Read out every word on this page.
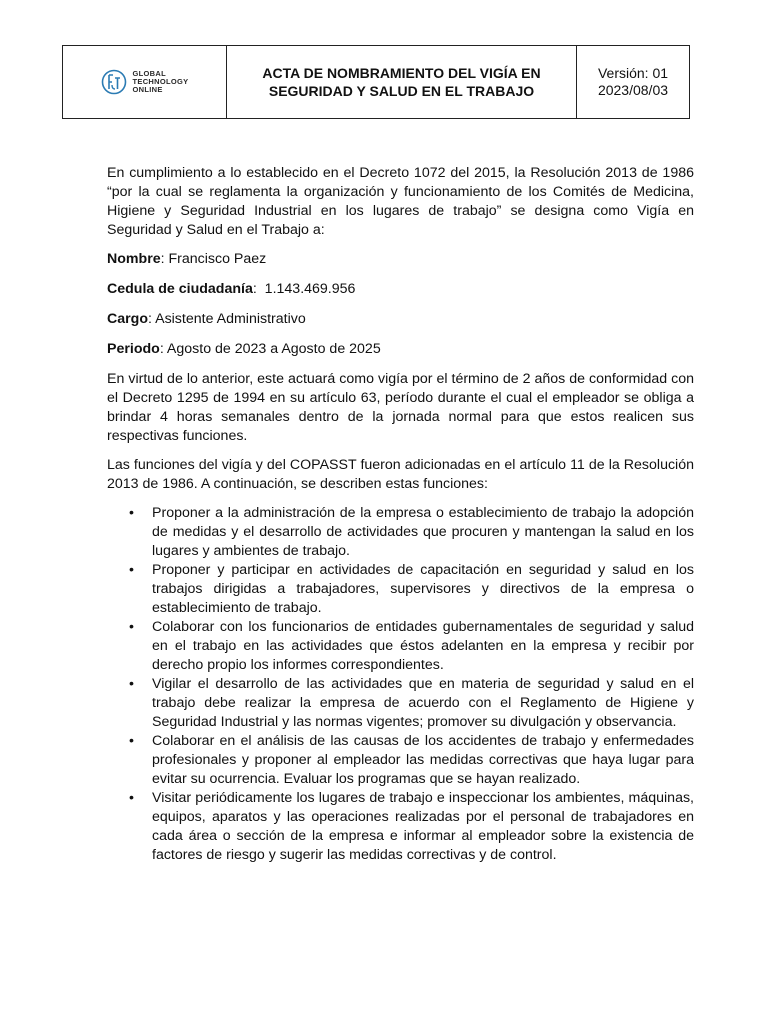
GLOBAL
TECHNOLOGY
ONLINE
ACTA DE NOMBRAMIENTO DEL VIGÍA EN
SEGURIDAD Y SALUD EN EL TRABAJO
Versión: 01
2023/08/03

En cumplimiento a lo establecido en el Decreto 1072 del 2015, la Resolución 2013 de 1986 “por la cual se reglamenta la organización y funcionamiento de los Comités de Medicina, Higiene y Seguridad Industrial en los lugares de trabajo” se designa como Vigía en Seguridad y Salud en el Trabajo a:

Nombre: Francisco Paez
Cedula de ciudadanía:  1.143.469.956
Cargo: Asistente Administrativo
Periodo: Agosto de 2023 a Agosto de 2025

En virtud de lo anterior, este actuará como vigía por el término de 2 años de conformidad con el Decreto 1295 de 1994 en su artículo 63, período durante el cual el empleador se obliga a brindar 4 horas semanales dentro de la jornada normal para que estos realicen sus respectivas funciones.

Las funciones del vigía y del COPASST fueron adicionadas en el artículo 11 de la Resolución 2013 de 1986. A continuación, se describen estas funciones:

• Proponer a la administración de la empresa o establecimiento de trabajo la adopción de medidas y el desarrollo de actividades que procuren y mantengan la salud en los lugares y ambientes de trabajo.
• Proponer y participar en actividades de capacitación en seguridad y salud en los trabajos dirigidas a trabajadores, supervisores y directivos de la empresa o establecimiento de trabajo.
• Colaborar con los funcionarios de entidades gubernamentales de seguridad y salud en el trabajo en las actividades que éstos adelanten en la empresa y recibir por derecho propio los informes correspondientes.
• Vigilar el desarrollo de las actividades que en materia de seguridad y salud en el trabajo debe realizar la empresa de acuerdo con el Reglamento de Higiene y Seguridad Industrial y las normas vigentes; promover su divulgación y observancia.
• Colaborar en el análisis de las causas de los accidentes de trabajo y enfermedades profesionales y proponer al empleador las medidas correctivas que haya lugar para evitar su ocurrencia. Evaluar los programas que se hayan realizado.
• Visitar periódicamente los lugares de trabajo e inspeccionar los ambientes, máquinas, equipos, aparatos y las operaciones realizadas por el personal de trabajadores en cada área o sección de la empresa e informar al empleador sobre la existencia de factores de riesgo y sugerir las medidas correctivas y de control.
